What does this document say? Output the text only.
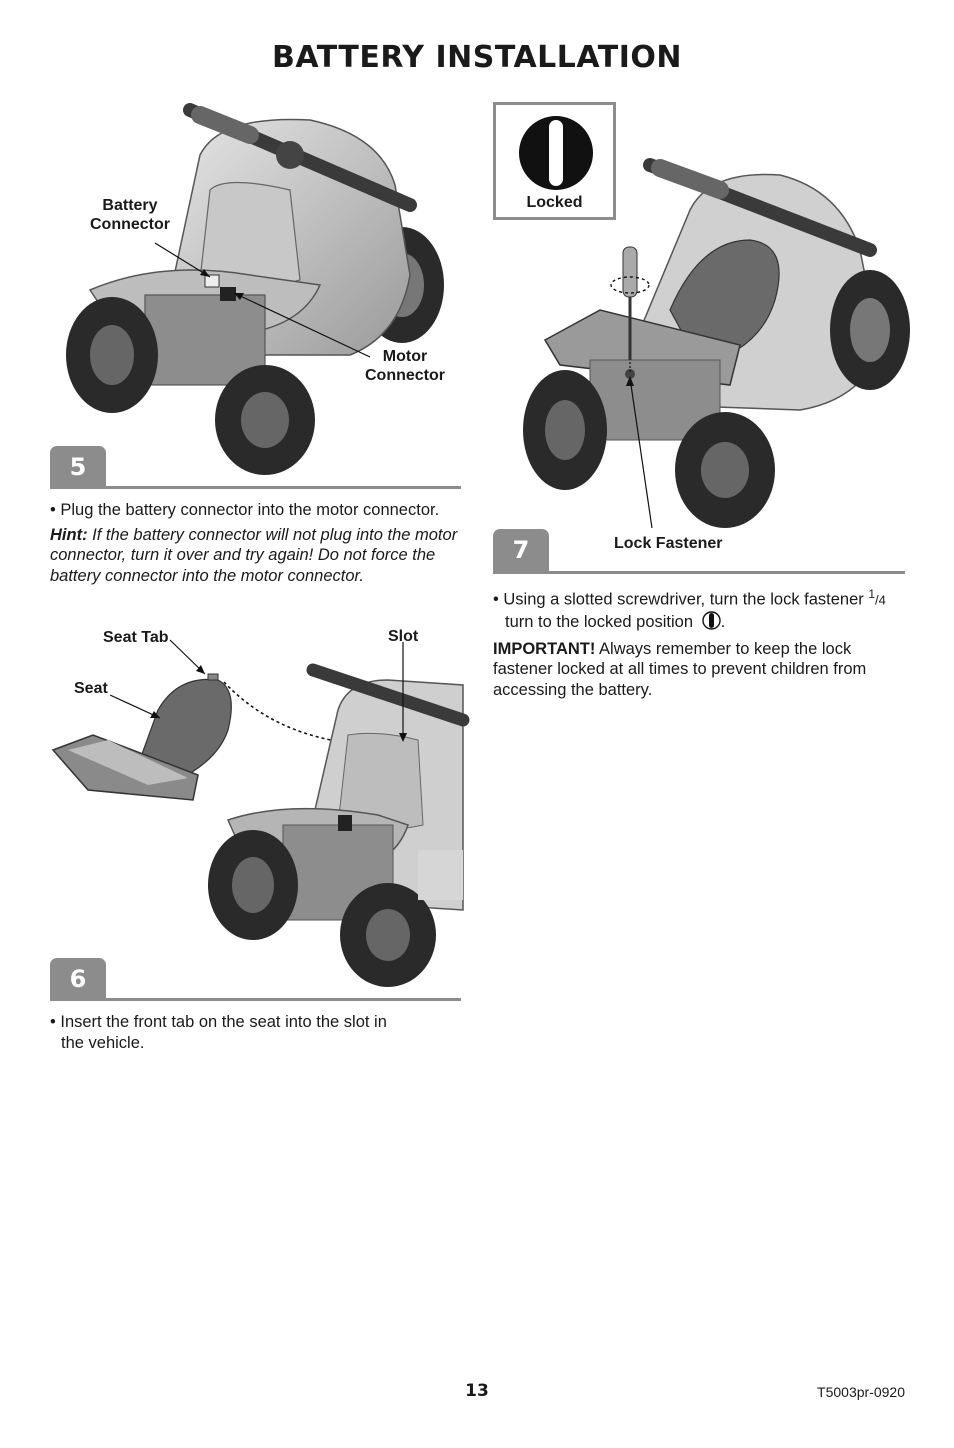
BATTERY INSTALLATION
Battery
Connector
Motor
Connector
5
• Plug the battery connector into the motor connector.
Hint: If the battery connector will not plug into the motor connector, turn it over and try again! Do not force the battery connector into the motor connector.
Seat Tab
Seat
Slot
6
• Insert the front tab on the seat into the slot in
the vehicle.
Locked
7	Lock Fastener
• Using a slotted screwdriver, turn the lock fastener $^1$/4
turn to the locked position .
IMPORTANT! Always remember to keep the lock fastener locked at all times to prevent children from accessing the battery.
13	T5003pr-0920
